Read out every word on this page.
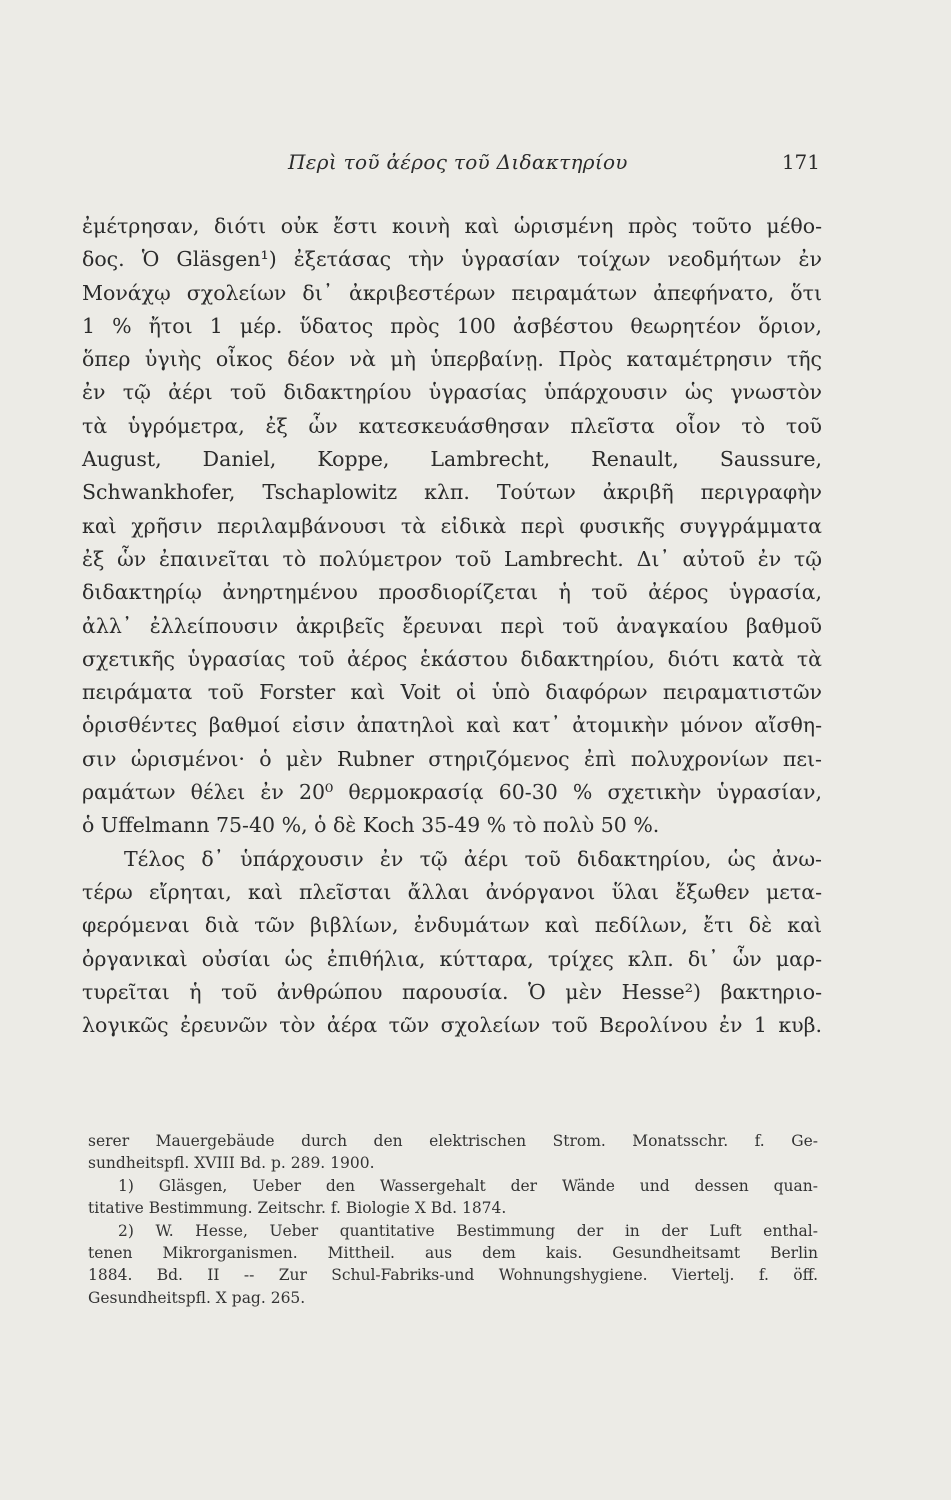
Περὶ τοῦ ἀέρος τοῦ Διδακτηρίου	171
ἐμέτρησαν, διότι οὐκ ἔστι κοινὴ καὶ ὡρισμένη πρὸς τοῦτο μέθο-
δος. Ὁ Gläsgen¹) ἐξετάσας τὴν ὑγρασίαν τοίχων νεοδμήτων ἐν
Μονάχῳ σχολείων δι᾽ ἀκριβεστέρων πειραμάτων ἀπεφήνατο, ὅτι
1 % ἤτοι 1 μέρ. ὕδατος πρὸς 100 ἀσβέστου θεωρητέον ὅριον,
ὅπερ ὑγιὴς οἶκος δέον νὰ μὴ ὑπερβαίνῃ. Πρὸς καταμέτρησιν τῆς
ἐν τῷ ἀέρι τοῦ διδακτηρίου ὑγρασίας ὑπάρχουσιν ὡς γνωστὸν
τὰ ὑγρόμετρα, ἐξ ὧν κατεσκευάσθησαν πλεῖστα οἷον τὸ τοῦ
August, Daniel, Koppe, Lambrecht, Renault, Saussure,
Schwankhofer, Tschaplowitz κλπ. Τούτων ἀκριβῆ περιγραφὴν
καὶ χρῆσιν περιλαμβάνουσι τὰ εἰδικὰ περὶ φυσικῆς συγγράμματα
ἐξ ὧν ἐπαινεῖται τὸ πολύμετρον τοῦ Lambrecht. Δι᾽ αὐτοῦ ἐν τῷ
διδακτηρίῳ ἀνηρτημένου προσδιορίζεται ἡ τοῦ ἀέρος ὑγρασία,
ἀλλ᾽ ἐλλείπουσιν ἀκριβεῖς ἔρευναι περὶ τοῦ ἀναγκαίου βαθμοῦ
σχετικῆς ὑγρασίας τοῦ ἀέρος ἑκάστου διδακτηρίου, διότι κατὰ τὰ
πειράματα τοῦ Forster καὶ Voit οἱ ὑπὸ διαφόρων πειραματιστῶν
ὁρισθέντες βαθμοί εἰσιν ἀπατηλοὶ καὶ κατ᾽ ἀτομικὴν μόνον αἴσθη-
σιν ὡρισμένοι· ὁ μὲν Rubner στηριζόμενος ἐπὶ πολυχρονίων πει-
ραμάτων θέλει ἐν 20⁰ θερμοκρασίᾳ 60-30 % σχετικὴν ὑγρασίαν,
ὁ Uffelmann 75-40 %, ὁ δὲ Koch 35-49 % τὸ πολὺ 50 %.
Τέλος δ᾽ ὑπάρχουσιν ἐν τῷ ἀέρι τοῦ διδακτηρίου, ὡς ἀνω-
τέρω εἴρηται, καὶ πλεῖσται ἄλλαι ἀνόργανοι ὕλαι ἔξωθεν μετα-
φερόμεναι διὰ τῶν βιβλίων, ἐνδυμάτων καὶ πεδίλων, ἔτι δὲ καὶ
ὀργανικαὶ οὐσίαι ὡς ἐπιθήλια, κύτταρα, τρίχες κλπ. δι᾽ ὧν μαρ-
τυρεῖται ἡ τοῦ ἀνθρώπου παρουσία. Ὁ μὲν Hesse²) βακτηριο-
λογικῶς ἐρευνῶν τὸν ἀέρα τῶν σχολείων τοῦ Βερολίνου ἐν 1 κυβ.
serer Mauergebäude durch den elektrischen Strom. Monatsschr. f. Ge-
sundheitspfl. XVIII Bd. p. 289. 1900.
1) Gläsgen, Ueber den Wassergehalt der Wände und dessen quan-
titative Bestimmung. Zeitschr. f. Biologie X Bd. 1874.
2) W. Hesse, Ueber quantitative Bestimmung der in der Luft enthal-
tenen Mikrorganismen. Mittheil. aus dem kais. Gesundheitsamt Berlin
1884. Bd. II -- Zur Schul-Fabriks-und Wohnungshygiene. Viertelj. f. öff.
Gesundheitspfl. X pag. 265.
